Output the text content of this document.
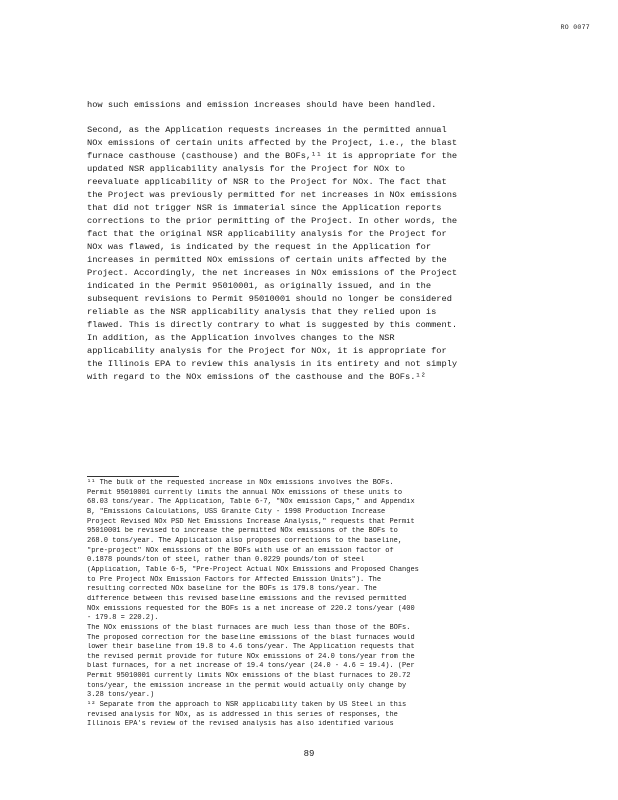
RO 0077

how such emissions and emission increases should have been handled.

Second, as the Application requests increases in the permitted annual

NOx emissions of certain units affected by the Project, i.e., the blast

furnace casthouse (casthouse) and the BOFs,¹¹ it is appropriate for the

updated NSR applicability analysis for the Project for NOx to

reevaluate applicability of NSR to the Project for NOx. The fact that

the Project was previously permitted for net increases in NOx emissions

that did not trigger NSR is immaterial since the Application reports

corrections to the prior permitting of the Project. In other words, the

fact that the original NSR applicability analysis for the Project for

NOx was flawed, is indicated by the request in the Application for

increases in permitted NOx emissions of certain units affected by the

Project. Accordingly, the net increases in NOx emissions of the Project

indicated in the Permit 95010001, as originally issued, and in the

subsequent revisions to Permit 95010001 should no longer be considered

reliable as the NSR applicability analysis that they relied upon is

flawed. This is directly contrary to what is suggested by this comment.

In addition, as the Application involves changes to the NSR

applicability analysis for the Project for NOx, it is appropriate for

the Illinois EPA to review this analysis in its entirety and not simply

with regard to the NOx emissions of the casthouse and the BOFs.¹²

¹¹ The bulk of the requested increase in NOx emissions involves the BOFs.

Permit 95010001 currently limits the annual NOx emissions of these units to

68.03 tons/year. The Application, Table 6-7, "NOx emission Caps," and Appendix

B, "Emissions Calculations, USS Granite City - 1998 Production Increase

Project Revised NOx PSD Net Emissions Increase Analysis," requests that Permit

95010001 be revised to increase the permitted NOx emissions of the BOFs to

268.0 tons/year. The Application also proposes corrections to the baseline,

"pre-project" NOx emissions of the BOFs with use of an emission factor of

0.1878 pounds/ton of steel, rather than 0.0229 pounds/ton of steel

(Application, Table 6-5, "Pre-Project Actual NOx Emissions and Proposed Changes

to Pre Project NOx Emission Factors for Affected Emission Units"). The

resulting corrected NOx baseline for the BOFs is 179.8 tons/year. The

difference between this revised baseline emissions and the revised permitted

NOx emissions requested for the BOFs is a net increase of 220.2 tons/year (400

- 179.8 = 220.2).

The NOx emissions of the blast furnaces are much less than those of the BOFs.

The proposed correction for the baseline emissions of the blast furnaces would

lower their baseline from 19.8 to 4.6 tons/year. The Application requests that

the revised permit provide for future NOx emissions of 24.0 tons/year from the

blast furnaces, for a net increase of 19.4 tons/year (24.0 - 4.6 = 19.4). (Per

Permit 95010001 currently limits NOx emissions of the blast furnaces to 20.72

tons/year, the emission increase in the permit would actually only change by

3.28 tons/year.)

¹² Separate from the approach to NSR applicability taken by US Steel in this

revised analysis for NOx, as is addressed in this series of responses, the

Illinois EPA's review of the revised analysis has also identified various

89
